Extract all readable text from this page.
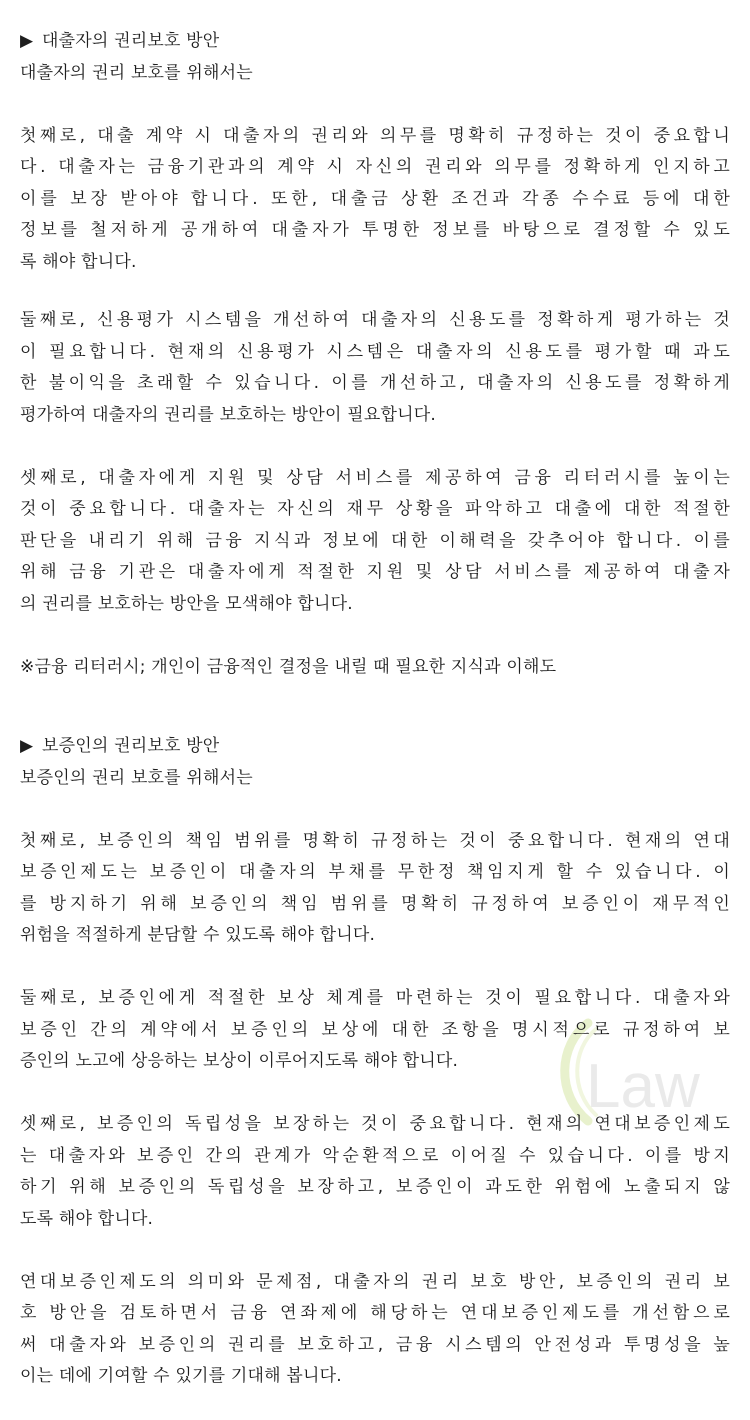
Law
▶ 대출자의 권리보호 방안
대출자의 권리 보호를 위해서는

첫째로, 대출 계약 시 대출자의 권리와 의무를 명확히 규정하는 것이 중요합니
다. 대출자는 금융기관과의 계약 시 자신의 권리와 의무를 정확하게 인지하고
이를 보장 받아야 합니다. 또한, 대출금 상환 조건과 각종 수수료 등에 대한
정보를 철저하게 공개하여 대출자가 투명한 정보를 바탕으로 결정할 수 있도
록 해야 합니다.

둘째로, 신용평가 시스템을 개선하여 대출자의 신용도를 정확하게 평가하는 것
이 필요합니다. 현재의 신용평가 시스템은 대출자의 신용도를 평가할 때 과도
한 불이익을 초래할 수 있습니다. 이를 개선하고, 대출자의 신용도를 정확하게
평가하여 대출자의 권리를 보호하는 방안이 필요합니다.

셋째로, 대출자에게 지원 및 상담 서비스를 제공하여 금융 리터러시를 높이는
것이 중요합니다. 대출자는 자신의 재무 상황을 파악하고 대출에 대한 적절한
판단을 내리기 위해 금융 지식과 정보에 대한 이해력을 갖추어야 합니다. 이를
위해 금융 기관은 대출자에게 적절한 지원 및 상담 서비스를 제공하여 대출자
의 권리를 보호하는 방안을 모색해야 합니다.

※금융 리터러시; 개인이 금융적인 결정을 내릴 때 필요한 지식과 이해도

▶ 보증인의 권리보호 방안
보증인의 권리 보호를 위해서는

첫째로, 보증인의 책임 범위를 명확히 규정하는 것이 중요합니다. 현재의 연대
보증인제도는 보증인이 대출자의 부채를 무한정 책임지게 할 수 있습니다. 이
를 방지하기 위해 보증인의 책임 범위를 명확히 규정하여 보증인이 재무적인
위험을 적절하게 분담할 수 있도록 해야 합니다.

둘째로, 보증인에게 적절한 보상 체계를 마련하는 것이 필요합니다. 대출자와
보증인 간의 계약에서 보증인의 보상에 대한 조항을 명시적으로 규정하여 보
증인의 노고에 상응하는 보상이 이루어지도록 해야 합니다.

셋째로, 보증인의 독립성을 보장하는 것이 중요합니다. 현재의 연대보증인제도
는 대출자와 보증인 간의 관계가 악순환적으로 이어질 수 있습니다. 이를 방지
하기 위해 보증인의 독립성을 보장하고, 보증인이 과도한 위험에 노출되지 않
도록 해야 합니다.

연대보증인제도의 의미와 문제점, 대출자의 권리 보호 방안, 보증인의 권리 보
호 방안을 검토하면서 금융 연좌제에 해당하는 연대보증인제도를 개선함으로
써 대출자와 보증인의 권리를 보호하고, 금융 시스템의 안전성과 투명성을 높
이는 데에 기여할 수 있기를 기대해 봅니다.
